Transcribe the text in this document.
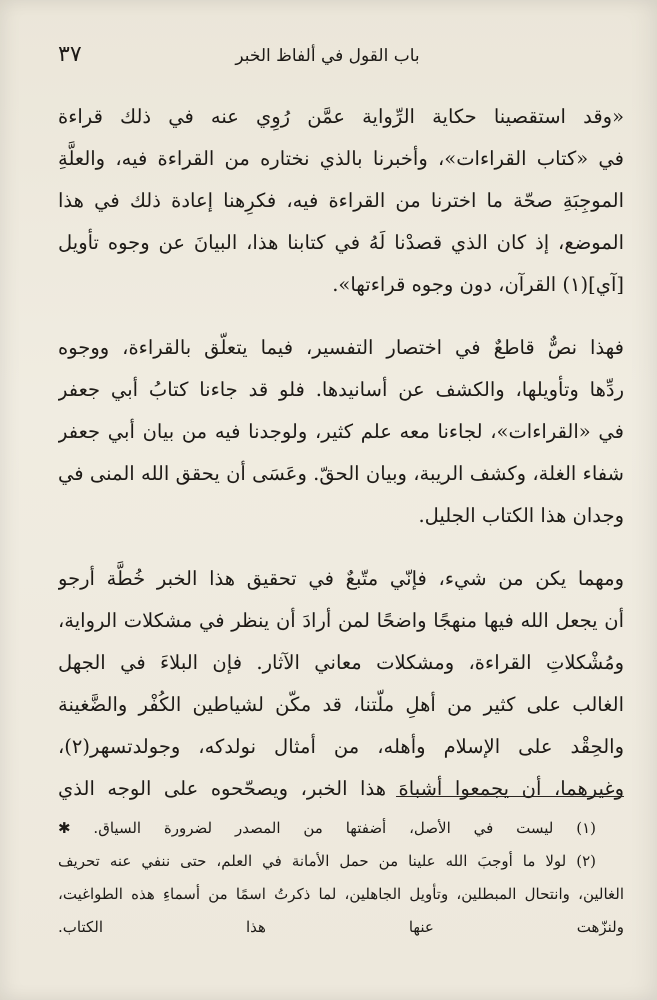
باب القول في ألفاظ الخبر
٣٧
«وقد استقصينا حكاية الرِّواية عمَّن رُوِي عنه في ذلك قراءة
في «كتاب القراءات»، وأخبرنا بالذي نختاره من القراءة فيه، والعلَّةِ
الموجِبَةِ صحّة ما اخترنا من القراءة فيه، فكرِهنا إعادة ذلك في هذا
الموضع، إذ كان الذي قصدْنا لَهُ في كتابنا هذا، البيانَ عن وجوه تأويل
[آي](١) القرآن، دون وجوه قراءتها».
فهذا نصٌّ قاطعٌ في اختصار التفسير، فيما يتعلّق بالقراءة، ووجوه
ردِّها وتأويلها، والكشف عن أسانيدها. فلو قد جاءنا كتابُ أبي جعفر
في «القراءات»، لجاءنا معه علم كثير، ولوجدنا فيه من بيان أبي جعفر
شفاء الغلة، وكشف الريبة، وبيان الحقّ. وعَسَى أن يحقق الله المنى في
وجدان هذا الكتاب الجليل.
ومهما يكن من شيء، فإنّي متّبعٌ في تحقيق هذا الخبر خُطَّة أرجو
أن يجعل الله فيها منهجًا واضحًا لمن أرادَ أن ينظر في مشكلات الرواية،
ومُشْكلاتِ القراءة، ومشكلات معاني الآثار. فإن البلاءَ في الجهل
الغالب على كثير من أهلِ ملّتنا، قد مكّن لشياطين الكُفْر والضَّغينة
والحِقْد على الإسلام وأهله، من أمثال نولدكه، وجولدتسهر(٢)،
وغيرهما، أن يجمعوا أشباهَ هذا الخبر، ويصحّحوه على الوجه الذي
(١) ليست في الأصل، أضفتها من المصدر لضرورة السياق. ✱
(٢) لولا ما أوجبَ الله علينا من حمل الأمانة في العلم، حتى ننفي عنه تحريف
الغالين، وانتحال المبطلين، وتأويل الجاهلين، لما ذكرتُ اسمًا من أسماءِ هذه الطواغيت،
ولنزّهت عنها هذا الكتاب.
